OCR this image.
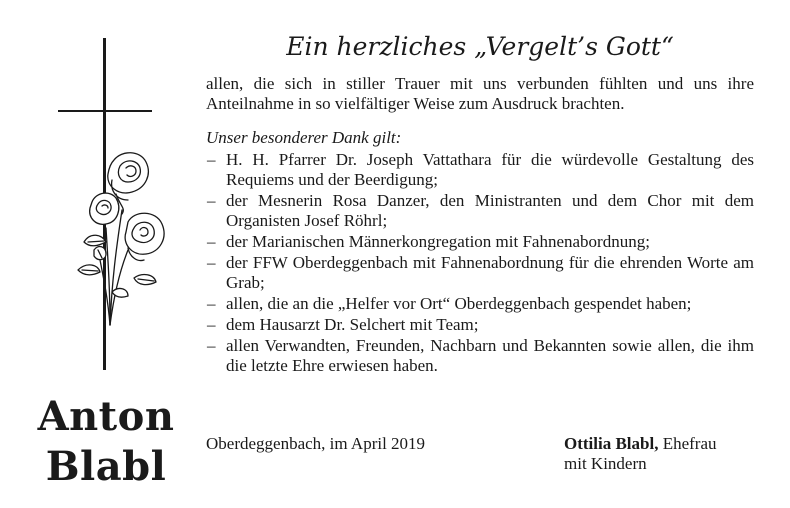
Anton
Blabl
Ein herzliches „Vergelt’s Gott“

allen, die sich in stiller Trauer mit uns verbunden fühlten und uns ihre Anteilnahme in so vielfältiger Weise zum Ausdruck brachten.

Unser besonderer Dank gilt:
– H. H. Pfarrer Dr. Joseph Vattathara für die würdevolle Gestaltung des Requiems und der Beerdigung;
– der Mesnerin Rosa Danzer, den Ministranten und dem Chor mit dem Organisten Josef Röhrl;
– der Marianischen Männerkongregation mit Fahnenabordnung;
– der FFW Oberdeggenbach mit Fahnenabordnung für die ehrenden Worte am Grab;
– allen, die an die „Helfer vor Ort“ Oberdeggenbach gespendet haben;
– dem Hausarzt Dr. Selchert mit Team;
– allen Verwandten, Freunden, Nachbarn und Bekannten sowie allen, die ihm die letzte Ehre erwiesen haben.
Oberdeggenbach, im April 2019	Ottilia Blabl, Ehefrau
mit Kindern
